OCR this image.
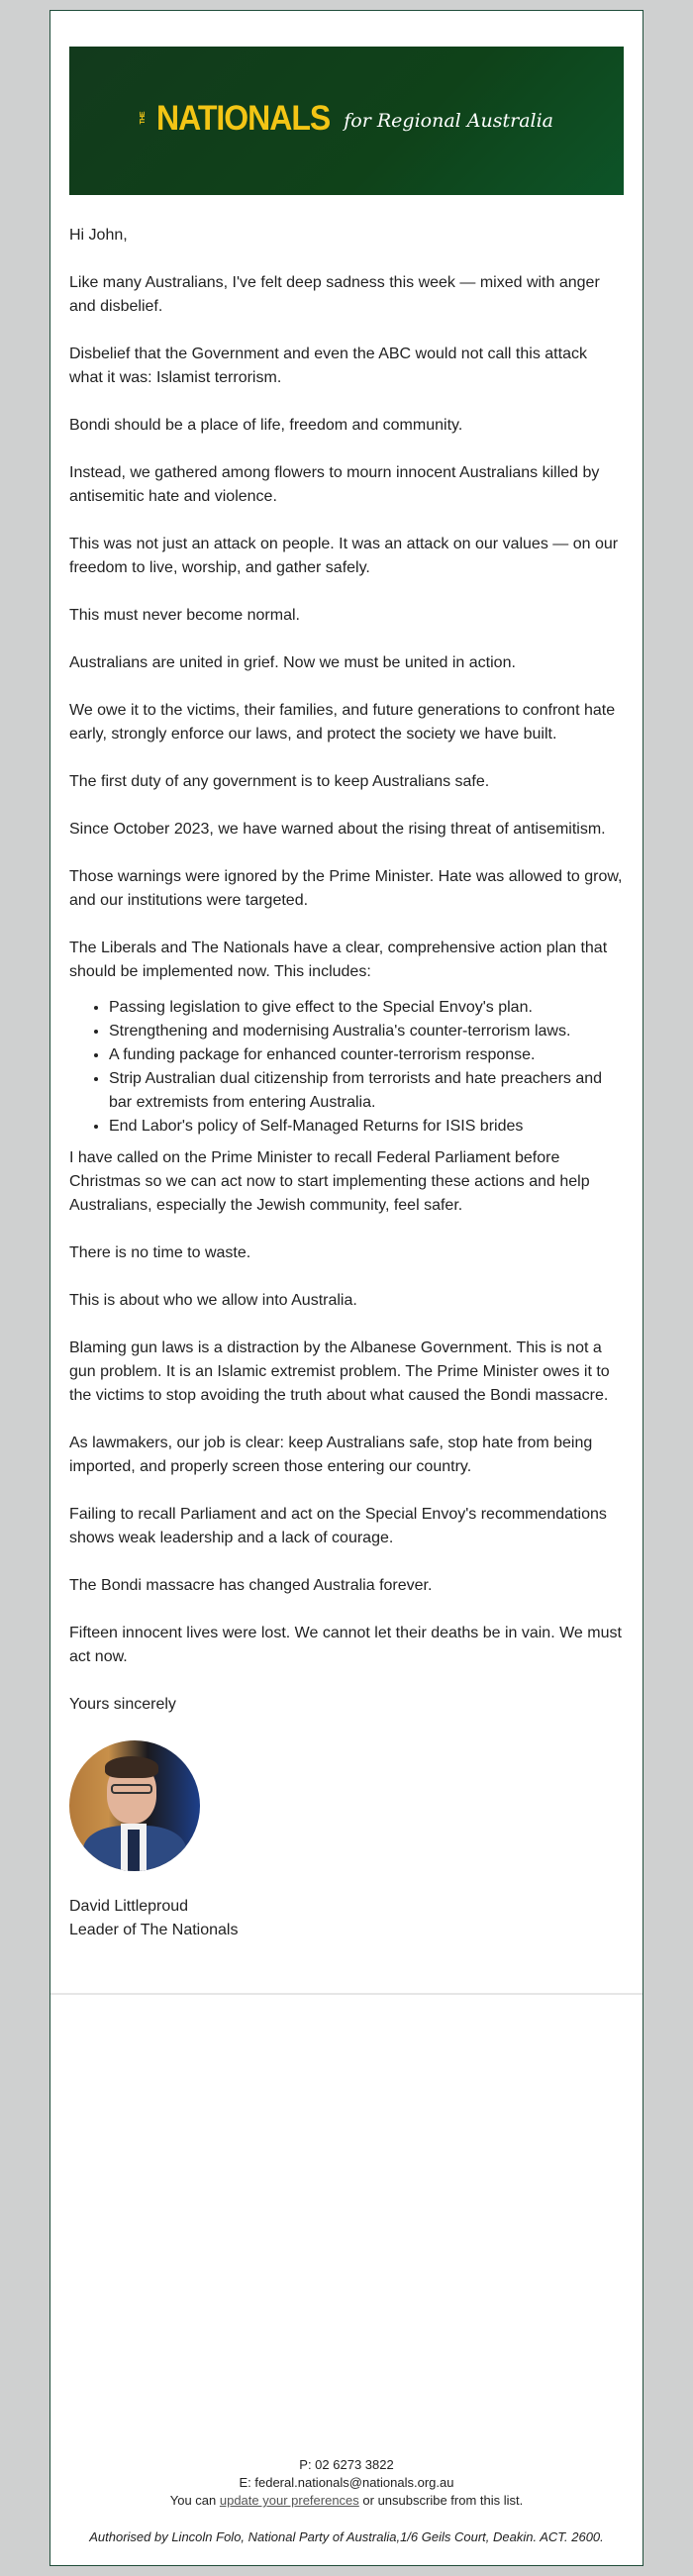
THE NATIONALS for Regional Australia

Hi John,

Like many Australians, I've felt deep sadness this week — mixed with anger and disbelief.

Disbelief that the Government and even the ABC would not call this attack what it was: Islamist terrorism.

Bondi should be a place of life, freedom and community.

Instead, we gathered among flowers to mourn innocent Australians killed by antisemitic hate and violence.

This was not just an attack on people. It was an attack on our values — on our freedom to live, worship, and gather safely.

This must never become normal.

Australians are united in grief. Now we must be united in action.

We owe it to the victims, their families, and future generations to confront hate early, strongly enforce our laws, and protect the society we have built.

The first duty of any government is to keep Australians safe.

Since October 2023, we have warned about the rising threat of antisemitism.

Those warnings were ignored by the Prime Minister. Hate was allowed to grow, and our institutions were targeted.

The Liberals and The Nationals have a clear, comprehensive action plan that should be implemented now. This includes:

• Passing legislation to give effect to the Special Envoy's plan.
• Strengthening and modernising Australia's counter-terrorism laws.
• A funding package for enhanced counter-terrorism response.
• Strip Australian dual citizenship from terrorists and hate preachers and bar extremists from entering Australia.
• End Labor's policy of Self-Managed Returns for ISIS brides

I have called on the Prime Minister to recall Federal Parliament before Christmas so we can act now to start implementing these actions and help Australians, especially the Jewish community, feel safer.

There is no time to waste.

This is about who we allow into Australia.

Blaming gun laws is a distraction by the Albanese Government. This is not a gun problem. It is an Islamic extremist problem. The Prime Minister owes it to the victims to stop avoiding the truth about what caused the Bondi massacre.

As lawmakers, our job is clear: keep Australians safe, stop hate from being imported, and properly screen those entering our country.

Failing to recall Parliament and act on the Special Envoy's recommendations shows weak leadership and a lack of courage.

The Bondi massacre has changed Australia forever.

Fifteen innocent lives were lost. We cannot let their deaths be in vain. We must act now.

Yours sincerely

David Littleproud
Leader of The Nationals
P: 02 6273 3822
E: federal.nationals@nationals.org.au
You can update your preferences or unsubscribe from this list.
Authorised by Lincoln Folo, National Party of Australia,1/6 Geils Court, Deakin. ACT. 2600.
